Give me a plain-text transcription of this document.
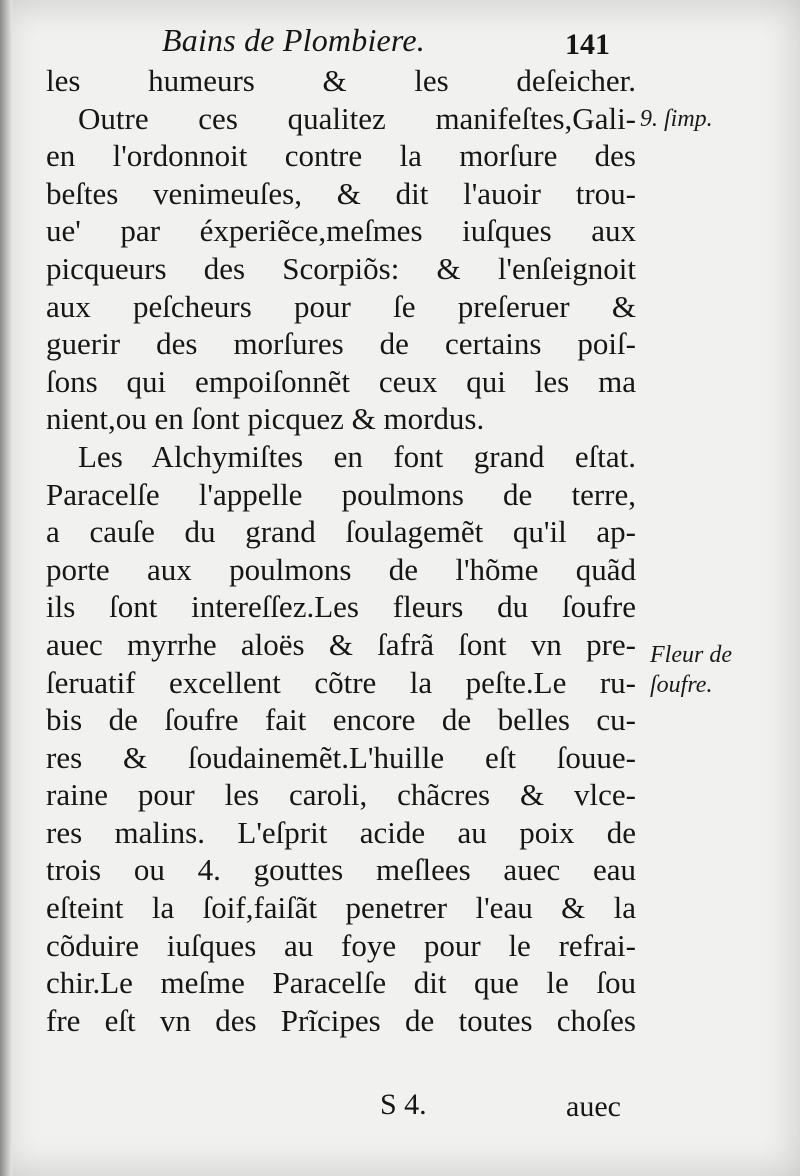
Bains de Plombiere.	141
les humeurs & les deſeicher.
Outre ces qualitez manifeſtes,Gali-
en l'ordonnoit contre la morſure des
beſtes venimeuſes, & dit l'auoir trou-
ue' par éxperiẽce,meſmes iuſques aux
picqueurs des Scorpiõs: & l'enſeignoit
aux peſcheurs pour ſe preſeruer &
guerir des morſures de certains poiſ-
ſons qui empoiſonnẽt ceux qui les ma
nient,ou en ſont picquez & mordus.
Les Alchymiſtes en font grand eſtat.
Paracelſe l'appelle poulmons de terre,
a cauſe du grand ſoulagemẽt qu'il ap-
porte aux poulmons de l'hõme quãd
ils ſont intereſſez.Les fleurs du ſoufre
auec myrrhe aloës & ſafrã ſont vn pre-
ſeruatif excellent cõtre la peſte.Le ru-
bis de ſoufre fait encore de belles cu-
res & ſoudainemẽt.L'huille eſt ſouue-
raine pour les caroli, chãcres & vlce-
res malins. L'eſprit acide au poix de
trois ou 4. gouttes meſlees auec eau
eſteint la ſoif,faiſãt penetrer l'eau & la
cõduire iuſques au foye pour le refrai-
chir.Le meſme Paracelſe dit que le ſou
fre eſt vn des Prĩcipes de toutes choſes
9. ſimp.
Fleur de ſoufre.
S 4.	auec
